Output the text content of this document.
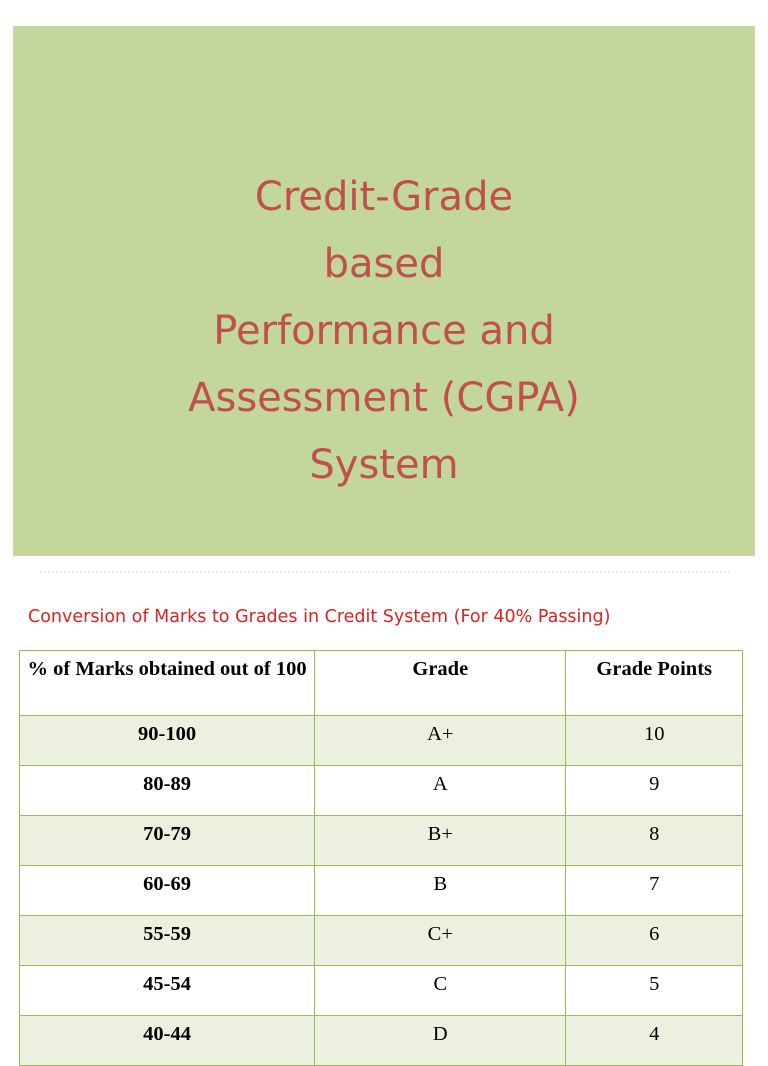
Credit-Grade
based
Performance and
Assessment (CGPA)
System
Conversion of Marks to Grades in Credit System (For 40% Passing)
% of Marks obtained out of 100	Grade	Grade Points
90-100	A+	10
80-89	A	9
70-79	B+	8
60-69	B	7
55-59	C+	6
45-54	C	5
40-44	D	4
